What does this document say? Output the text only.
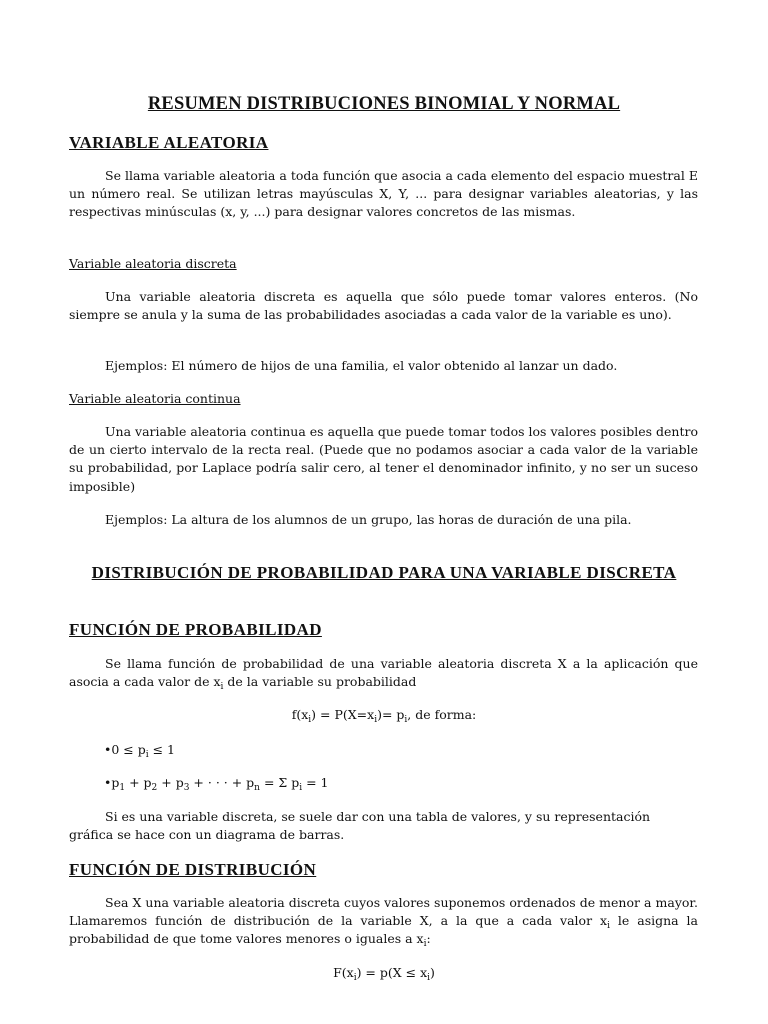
RESUMEN DISTRIBUCIONES BINOMIAL Y NORMAL
VARIABLE ALEATORIA
Se llama variable aleatoria a toda función que asocia a cada elemento del espacio muestral E un número real. Se utilizan letras mayúsculas X, Y, ... para designar variables aleatorias, y las respectivas minúsculas (x, y, ...) para designar valores concretos de las mismas.
Variable aleatoria discreta
Una variable aleatoria discreta es aquella que sólo puede tomar valores enteros. (No siempre se anula y la suma de las probabilidades asociadas a cada valor de la variable es uno).
Ejemplos: El número de hijos de una familia, el valor obtenido al lanzar un dado.
Variable aleatoria continua
Una variable aleatoria continua es aquella que puede tomar todos los valores posibles dentro de un cierto intervalo de la recta real. (Puede que no podamos asociar a cada valor de la variable su probabilidad, por Laplace podría salir cero, al tener el denominador infinito, y no ser un suceso imposible)
Ejemplos: La altura de los alumnos de un grupo, las horas de duración de una pila.
DISTRIBUCIÓN DE PROBABILIDAD PARA UNA VARIABLE DISCRETA
FUNCIÓN DE PROBABILIDAD
Se llama función de probabilidad de una variable aleatoria discreta X a la aplicación que asocia a cada valor de $x_i$ de la variable su probabilidad
$f(x_i) = P(X=x_i)= p_i$, de forma:
•0 ≤ $p_i \le 1$
$•p_1 + p_2 + p_3$ + · · · + $p_n = \Sigma$ $p_i = 1$
Si es una variable discreta, se suele dar con una tabla de valores, y su representación gráfica se hace con un diagrama de barras.
FUNCIÓN DE DISTRIBUCIÓN
Sea X una variable aleatoria discreta cuyos valores suponemos ordenados de menor a mayor. Llamaremos función de distribución de la variable X, a la que a cada valor $x_i$ le asigna la probabilidad de que tome valores menores o iguales a $x_i$:
$F(x_i) = p(X \le x_i)$
